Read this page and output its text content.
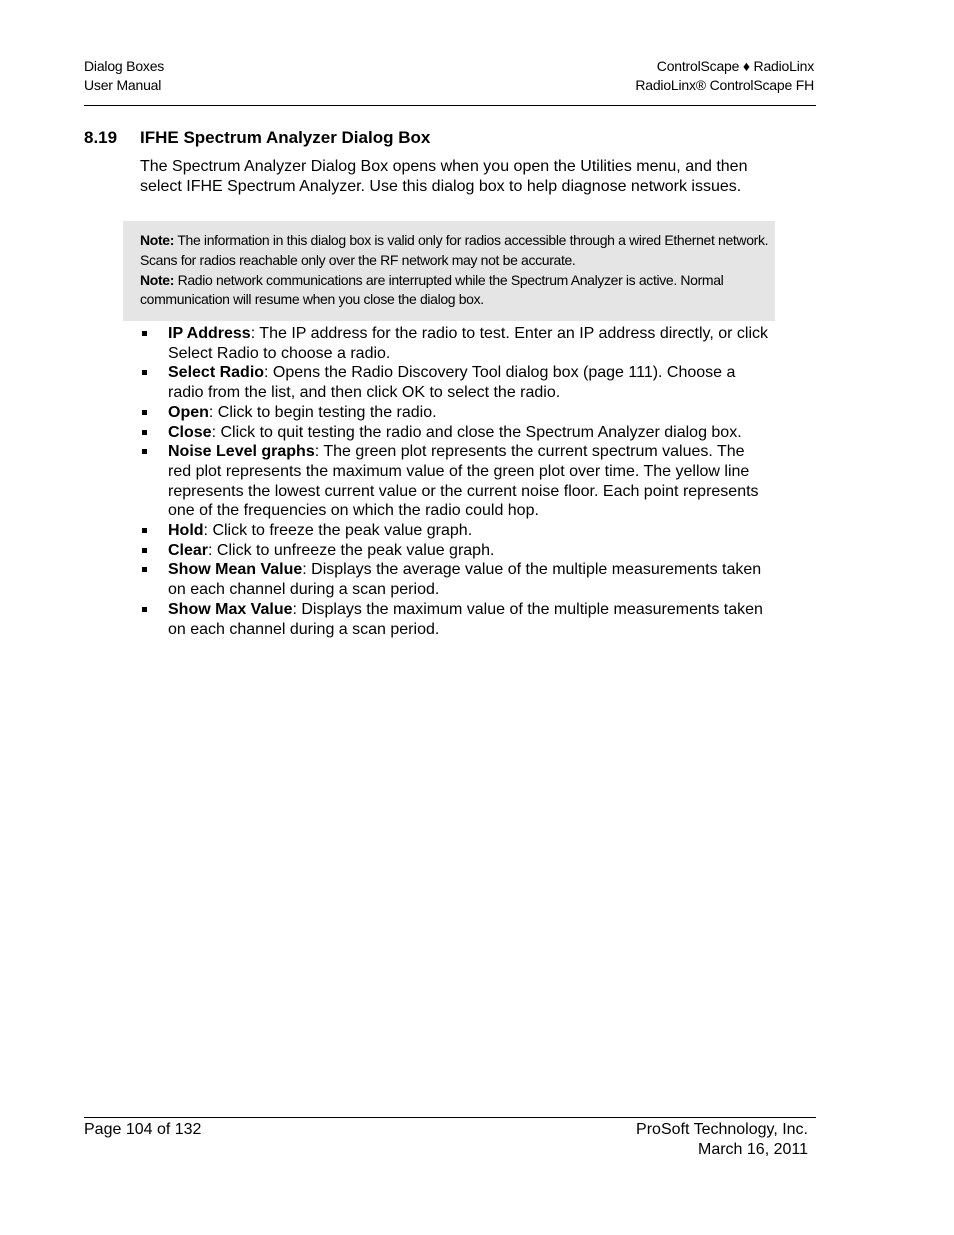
Dialog Boxes
User Manual
ControlScape ♦ RadioLinx
RadioLinx® ControlScape FH
8.19 IFHE Spectrum Analyzer Dialog Box
The Spectrum Analyzer Dialog Box opens when you open the Utilities menu, and then select IFHE Spectrum Analyzer. Use this dialog box to help diagnose network issues.
Note: The information in this dialog box is valid only for radios accessible through a wired Ethernet network. Scans for radios reachable only over the RF network may not be accurate.
Note: Radio network communications are interrupted while the Spectrum Analyzer is active. Normal communication will resume when you close the dialog box.
IP Address: The IP address for the radio to test. Enter an IP address directly, or click Select Radio to choose a radio.
Select Radio: Opens the Radio Discovery Tool dialog box (page 111). Choose a radio from the list, and then click OK to select the radio.
Open: Click to begin testing the radio.
Close: Click to quit testing the radio and close the Spectrum Analyzer dialog box.
Noise Level graphs: The green plot represents the current spectrum values. The red plot represents the maximum value of the green plot over time. The yellow line represents the lowest current value or the current noise floor. Each point represents one of the frequencies on which the radio could hop.
Hold: Click to freeze the peak value graph.
Clear: Click to unfreeze the peak value graph.
Show Mean Value: Displays the average value of the multiple measurements taken on each channel during a scan period.
Show Max Value: Displays the maximum value of the multiple measurements taken on each channel during a scan period.
Page 104 of 132	ProSoft Technology, Inc.
March 16, 2011
